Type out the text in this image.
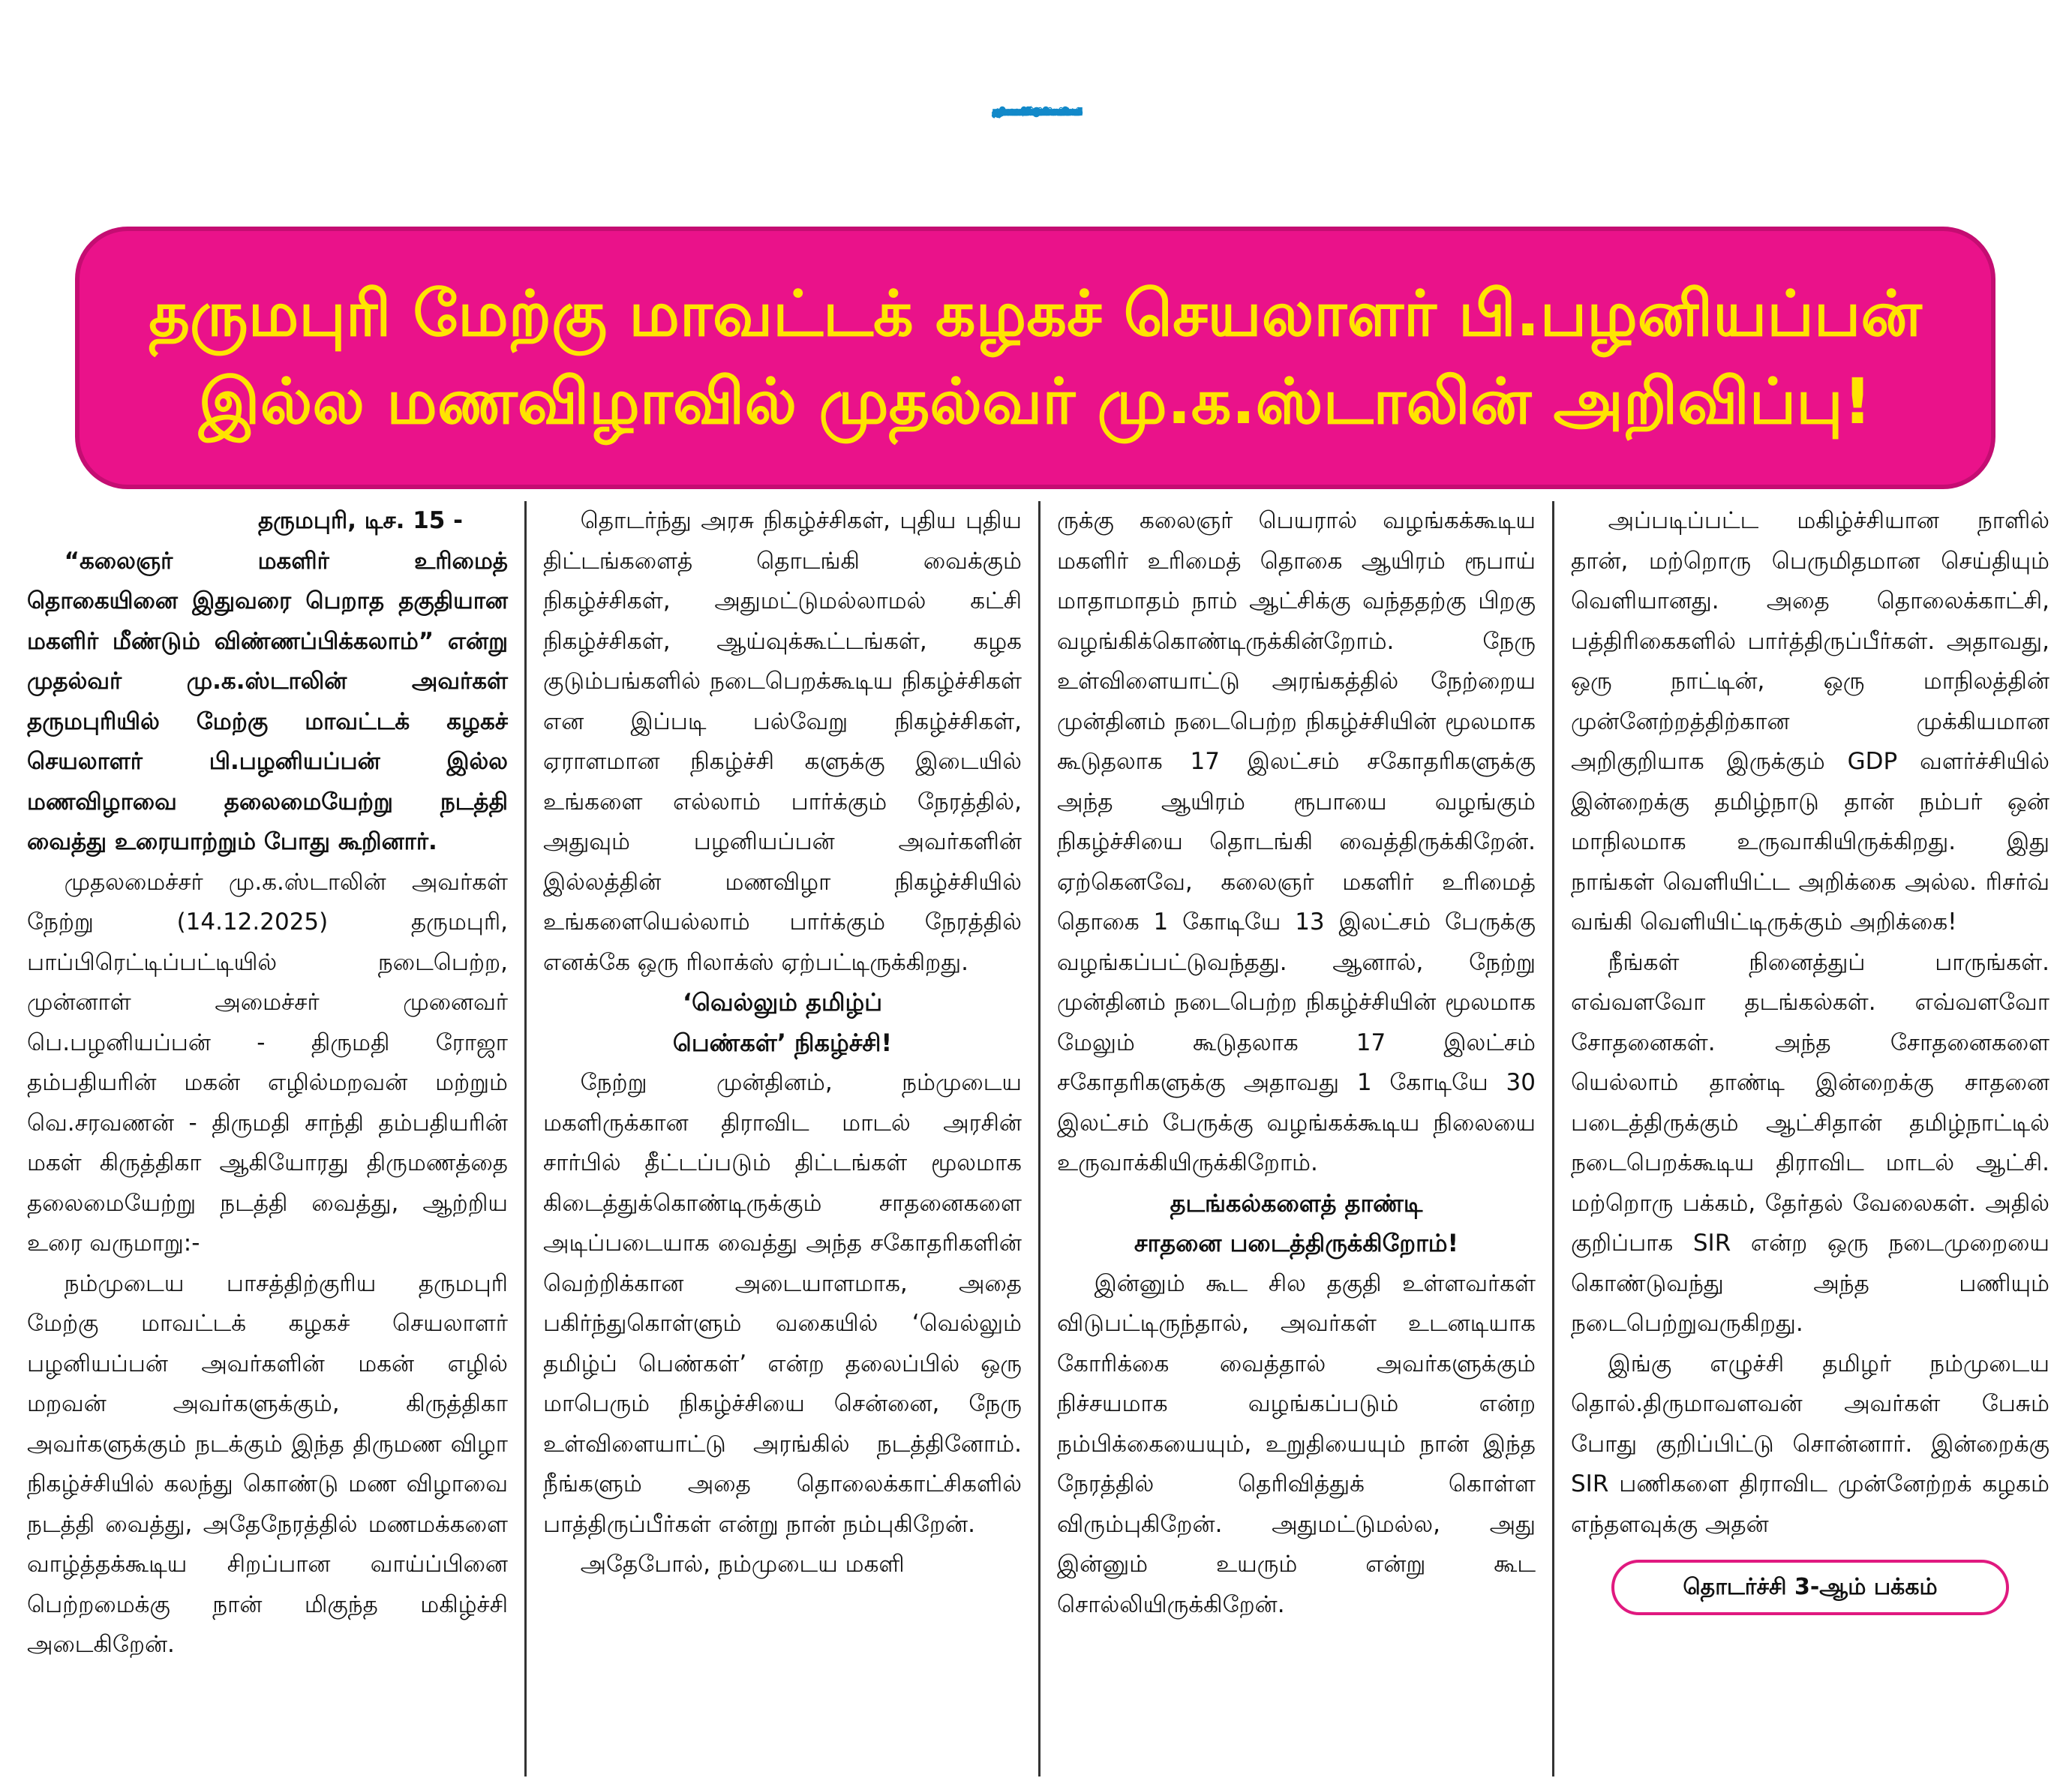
தகுதியான மகளிர் மீண்டும் விண்ணப்பிக்கலாம்!
தருமபுரி மேற்கு மாவட்டக் கழகச் செயலாளர் பி.பழனியப்பன்
இல்ல மணவிழாவில் முதல்வர் மு.க.ஸ்டாலின் அறிவிப்பு!

தருமபுரி, டிச. 15 -

“கலைஞர் மகளிர் உரிமைத் தொகையினை இதுவரை பெறாத தகுதியான மகளிர் மீண்டும் விண்ணப்பிக்கலாம்” என்று முதல்வர் மு.க.ஸ்டாலின் அவர்கள் தருமபுரியில் மேற்கு மாவட்டக் கழகச் செயலாளர் பி.பழனியப்பன் இல்ல மணவிழாவை தலைமையேற்று நடத்தி வைத்து உரையாற்றும் போது கூறினார்.

முதலமைச்சர் மு.க.ஸ்டாலின் அவர்கள் நேற்று (14.12.2025) தருமபுரி, பாப்பிரெட்டிப்பட்டியில் நடைபெற்ற, முன்னாள் அமைச்சர் முனைவர் பெ.பழனியப்பன் - திருமதி ரோஜா தம்பதியரின் மகன் எழில்மறவன் மற்றும் வெ.சரவணன் - திருமதி சாந்தி தம்பதியரின் மகள் கிருத்திகா ஆகியோரது திருமணத்தை தலைமையேற்று நடத்தி வைத்து, ஆற்றிய உரை வருமாறு:-

நம்முடைய பாசத்திற்குரிய தருமபுரி மேற்கு மாவட்டக் கழகச் செயலாளர் பழனியப்பன் அவர்களின் மகன் எழில் மறவன் அவர்களுக்கும், கிருத்திகா அவர்களுக்கும் நடக்கும் இந்த திருமண விழா நிகழ்ச்சியில் கலந்து கொண்டு மண விழாவை நடத்தி வைத்து, அதேநேரத்தில் மணமக்களை வாழ்த்தக்கூடிய சிறப்பான வாய்ப்பினை பெற்றமைக்கு நான் மிகுந்த மகிழ்ச்சி அடைகிறேன்.

தொடர்ந்து அரசு நிகழ்ச்சிகள், புதிய புதிய திட்டங்களைத் தொடங்கி வைக்கும் நிகழ்ச்சிகள், அதுமட்டுமல்லாமல் கட்சி நிகழ்ச்சிகள், ஆய்வுக்கூட்டங்கள், கழக குடும்பங்களில் நடைபெறக்கூடிய நிகழ்ச்சிகள் என இப்படி பல்வேறு நிகழ்ச்சிகள், ஏராளமான நிகழ்ச்சி களுக்கு இடையில் உங்களை எல்லாம் பார்க்கும் நேரத்தில், அதுவும் பழனியப்பன் அவர்களின் இல்லத்தின் மணவிழா நிகழ்ச்சியில் உங்களையெல்லாம் பார்க்கும் நேரத்தில் எனக்கே ஒரு ரிலாக்ஸ் ஏற்பட்டிருக்கிறது.

‘வெல்லும் தமிழ்ப்

பெண்கள்’ நிகழ்ச்சி!

நேற்று முன்தினம், நம்முடைய மகளிருக்கான திராவிட மாடல் அரசின் சார்பில் தீட்டப்படும் திட்டங்கள் மூலமாக கிடைத்துக்கொண்டிருக்கும் சாதனைகளை அடிப்படையாக வைத்து அந்த சகோதரிகளின் வெற்றிக்கான அடையாளமாக, அதை பகிர்ந்துகொள்ளும் வகையில் ‘வெல்லும் தமிழ்ப் பெண்கள்’ என்ற தலைப்பில் ஒரு மாபெரும் நிகழ்ச்சியை சென்னை, நேரு உள்விளையாட்டு அரங்கில் நடத்தினோம். நீங்களும் அதை தொலைக்காட்சிகளில் பாத்திருப்பீர்கள் என்று நான் நம்புகிறேன்.

அதேபோல், நம்முடைய மகளி

ருக்கு கலைஞர் பெயரால் வழங்கக்கூடிய மகளிர் உரிமைத் தொகை ஆயிரம் ரூபாய் மாதாமாதம் நாம் ஆட்சிக்கு வந்ததற்கு பிறகு வழங்கிக்கொண்டிருக்கின்றோம். நேரு உள்விளையாட்டு அரங்கத்தில் நேற்றைய முன்தினம் நடைபெற்ற நிகழ்ச்சியின் மூலமாக கூடுதலாக 17 இலட்சம் சகோதரிகளுக்கு அந்த ஆயிரம் ரூபாயை வழங்கும் நிகழ்ச்சியை தொடங்கி வைத்திருக்கிறேன். ஏற்கெனவே, கலைஞர் மகளிர் உரிமைத் தொகை 1 கோடியே 13 இலட்சம் பேருக்கு வழங்கப்பட்டுவந்தது. ஆனால், நேற்று முன்தினம் நடைபெற்ற நிகழ்ச்சியின் மூலமாக மேலும் கூடுதலாக 17 இலட்சம் சகோதரிகளுக்கு அதாவது 1 கோடியே 30 இலட்சம் பேருக்கு வழங்கக்கூடிய நிலையை உருவாக்கியிருக்கிறோம்.

தடங்கல்களைத் தாண்டி

சாதனை படைத்திருக்கிறோம்!

இன்னும் கூட சில தகுதி உள்ளவர்கள் விடுபட்டிருந்தால், அவர்கள் உடனடியாக கோரிக்கை வைத்தால் அவர்களுக்கும் நிச்சயமாக வழங்கப்படும் என்ற நம்பிக்கையையும், உறுதியையும் நான் இந்த நேரத்தில் தெரிவித்துக் கொள்ள விரும்புகிறேன். அதுமட்டுமல்ல, அது இன்னும் உயரும் என்று கூட சொல்லியிருக்கிறேன்.

அப்படிப்பட்ட மகிழ்ச்சியான நாளில் தான், மற்றொரு பெருமிதமான செய்தியும் வெளியானது. அதை தொலைக்காட்சி, பத்திரிகைகளில் பார்த்திருப்பீர்கள். அதாவது, ஒரு நாட்டின், ஒரு மாநிலத்தின் முன்னேற்றத்திற்கான முக்கியமான அறிகுறியாக இருக்கும் GDP வளர்ச்சியில் இன்றைக்கு தமிழ்நாடு தான் நம்பர் ஒன் மாநிலமாக உருவாகியிருக்கிறது. இது நாங்கள் வெளியிட்ட அறிக்கை அல்ல. ரிசர்வ் வங்கி வெளியிட்டிருக்கும் அறிக்கை!

நீங்கள் நினைத்துப் பாருங்கள். எவ்வளவோ தடங்கல்கள். எவ்வளவோ சோதனைகள். அந்த சோதனைகளை யெல்லாம் தாண்டி இன்றைக்கு சாதனை படைத்திருக்கும் ஆட்சிதான் தமிழ்நாட்டில் நடைபெறக்கூடிய திராவிட மாடல் ஆட்சி. மற்றொரு பக்கம், தேர்தல் வேலைகள். அதில் குறிப்பாக SIR என்ற ஒரு நடைமுறையை கொண்டுவந்து அந்த பணியும் நடைபெற்றுவருகிறது.

இங்கு எழுச்சி தமிழர் நம்முடைய தொல்.திருமாவளவன் அவர்கள் பேசும் போது குறிப்பிட்டு சொன்னார். இன்றைக்கு SIR பணிகளை திராவிட முன்னேற்றக் கழகம் எந்தளவுக்கு அதன்

தொடர்ச்சி 3-ஆம் பக்கம்
